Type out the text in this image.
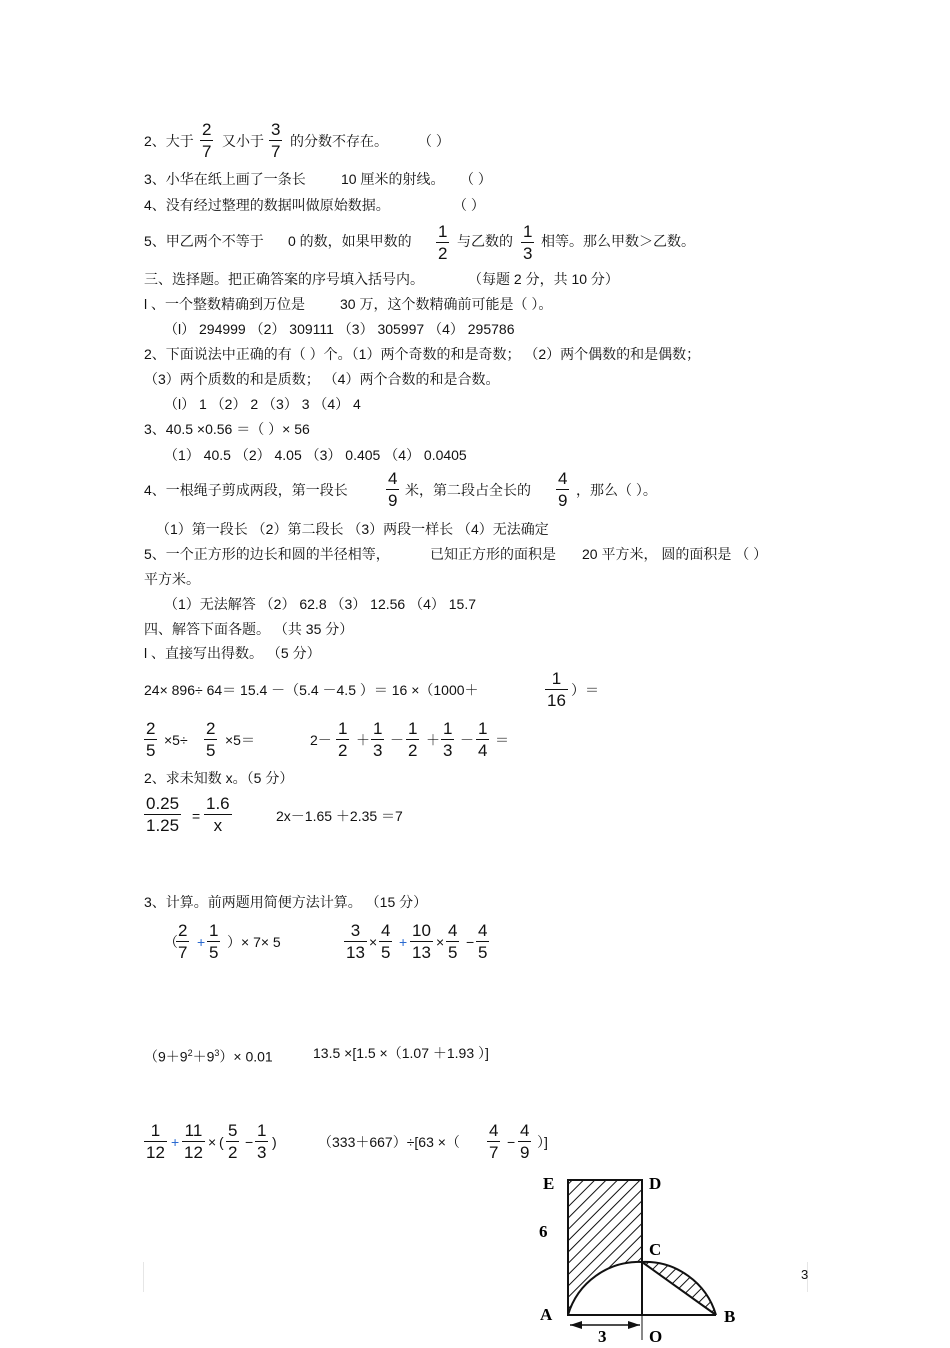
2、大于 $\frac{2}{7}$ 又小于 $\frac{3}{7}$ 的分数不存在。 （ ）
3、小华在纸上画了一条长	10 厘米的射线。 （ ）
4、没有经过整理的数据叫做原始数据。	（ ）
5、甲乙两个不等于 0 的数，如果甲数的 $\frac{1}{2}$ 与乙数的 $\frac{1}{3}$ 相等。那么甲数＞乙数。
三、选择题。把正确答案的序号填入括号内。	（每题 2 分，共 10 分）
l 、一个整数精确到万位是	30 万，这个数精确前可能是（ ）。
（l） 294999 （2） 309111 （3） 305997 （4） 295786
2、下面说法中正确的有（ ）个。（1）两个奇数的和是奇数； （2）两个偶数的和是偶数；
（3）两个质数的和是质数； （4）两个合数的和是合数。
（l） 1 （2） 2 （3） 3 （4） 4
3、40.5 ×0.56 ＝（ ）× 56
（1） 40.5 （2） 4.05 （3） 0.405 （4） 0.0405
4、一根绳子剪成两段，第一段长 $\frac{4}{9}$ 米，第二段占全长的 $\frac{4}{9}$ ，那么（ ）。
（1）第一段长 （2）第二段长 （3）两段一样长 （4）无法确定
5、一个正方形的边长和圆的半径相等，	已知正方形的面积是 20 平方米， 圆的面积是 （ ）
平方米。
（1）无法解答 （2） 62.8 （3） 12.56 （4） 15.7
四、解答下面各题。 （共 35 分）
l 、直接写出得数。 （5 分）
24× 896÷ 64＝ 15.4 －（5.4 －4.5 ）＝ 16 ×（1000＋	$\frac{1}{16}$ ）＝
$\frac{2}{5} \times 5\div \frac{2}{5} \times 5=$	$2- \frac{1}{2} + \frac{1}{3} - \frac{1}{2} + \frac{1}{3} - \frac{1}{4}$ ＝
2、求未知数 x。（5 分）
$\frac{0.25}{1.25} = \frac{1.6}{x}$	2x－1.65 ＋2.35 ＝7
3、计算。前两题用简便方法计算。 （15 分）
（
$\frac{2}{7} + \frac{1}{5}$ ）× 7× 5	$\frac{3}{13} \times \frac{4}{5} + \frac{10}{13} \times \frac{4}{5} - \frac{4}{5}$
$(9+9^2+9^3)\times 0.01$	13.5 ×[1.5 ×（1.07 ＋1.93 ）]
$\frac{1}{12} + \frac{11}{12}$ × ( $\frac{5}{2} - \frac{1}{3}$ )	（333＋667）÷[63 ×（ $\frac{4}{7} - \frac{4}{9}$ ）]
E	D
C
A	B
O
6
3
3
